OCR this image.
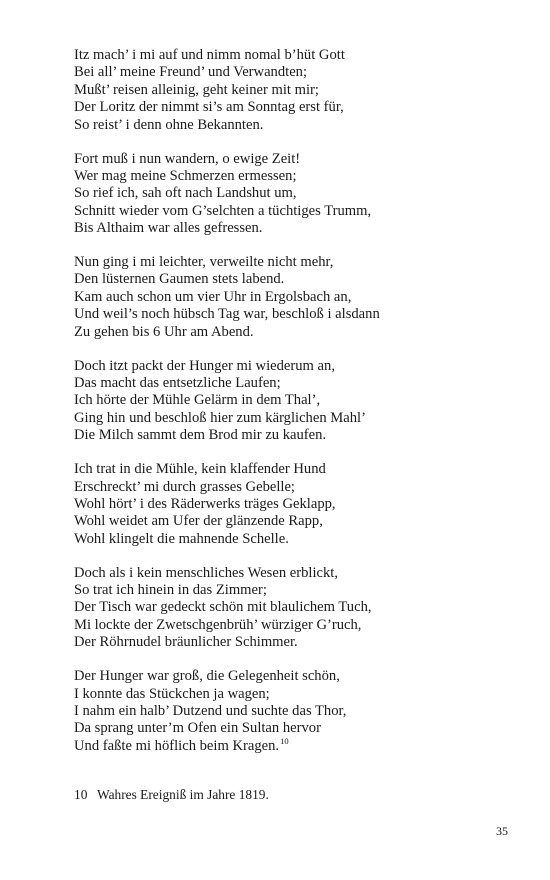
Itz mach’ i mi auf und nimm nomal b’hüt Gott
Bei all’ meine Freund’ und Verwandten;
Mußt’ reisen alleinig, geht keiner mit mir;
Der Loritz der nimmt si’s am Sonntag erst für,
So reist’ i denn ohne Bekannten.
Fort muß i nun wandern, o ewige Zeit!
Wer mag meine Schmerzen ermessen;
So rief ich, sah oft nach Landshut um,
Schnitt wieder vom G’selchten a tüchtiges Trumm,
Bis Althaim war alles gefressen.
Nun ging i mi leichter, verweilte nicht mehr,
Den lüsternen Gaumen stets labend.
Kam auch schon um vier Uhr in Ergolsbach an,
Und weil’s noch hübsch Tag war, beschloß i alsdann
Zu gehen bis 6 Uhr am Abend.
Doch itzt packt der Hunger mi wiederum an,
Das macht das entsetzliche Laufen;
Ich hörte der Mühle Gelärm in dem Thal’,
Ging hin und beschloß hier zum kärglichen Mahl’
Die Milch sammt dem Brod mir zu kaufen.
Ich trat in die Mühle, kein klaffender Hund
Erschreckt’ mi durch grasses Gebelle;
Wohl hört’ i des Räderwerks träges Geklapp,
Wohl weidet am Ufer der glänzende Rapp,
Wohl klingelt die mahnende Schelle.
Doch als i kein menschliches Wesen erblickt,
So trat ich hinein in das Zimmer;
Der Tisch war gedeckt schön mit blaulichem Tuch,
Mi lockte der Zwetschgenbrüh’ würziger G’ruch,
Der Röhrnudel bräunlicher Schimmer.
Der Hunger war groß, die Gelegenheit schön,
I konnte das Stückchen ja wagen;
I nahm ein halb’ Dutzend und suchte das Thor,
Da sprang unter’m Ofen ein Sultan hervor
Und faßte mi höflich beim Kragen.$^{10}$
10 Wahres Ereigniß im Jahre 1819.
35
